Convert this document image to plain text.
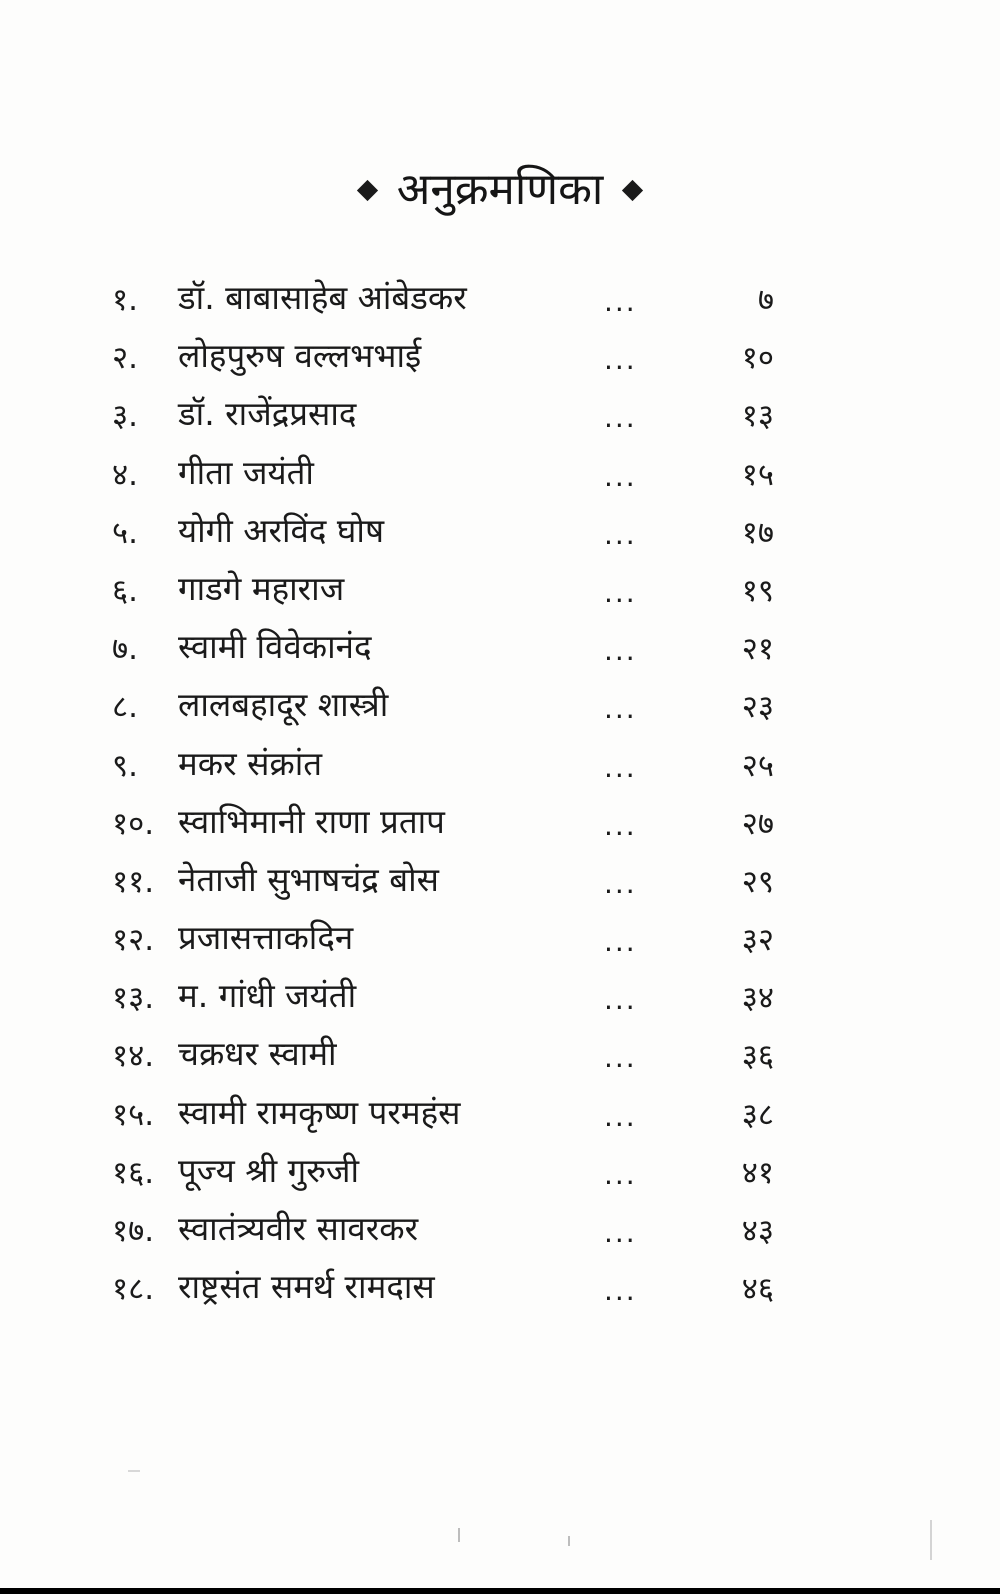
अनुक्रमणिका
१. डॉ. बाबासाहेब आंबेडकर	...	७
२. लोहपुरुष वल्लभभाई	...	१०
३. डॉ. राजेंद्रप्रसाद	...	१३
४. गीता जयंती	...	१५
५. योगी अरविंद घोष	...	१७
६. गाडगे महाराज	...	१९
७. स्वामी विवेकानंद	...	२१
८. लालबहादूर शास्त्री	...	२३
९. मकर संक्रांत	...	२५
१०. स्वाभिमानी राणा प्रताप	...	२७
११. नेताजी सुभाषचंद्र बोस	...	२९
१२. प्रजासत्ताकदिन	...	३२
१३. म. गांधी जयंती	...	३४
१४. चक्रधर स्वामी	...	३६
१५. स्वामी रामकृष्ण परमहंस	...	३८
१६. पूज्य श्री गुरुजी	...	४१
१७. स्वातंत्र्यवीर सावरकर	...	४३
१८. राष्ट्रसंत समर्थ रामदास	...	४६
